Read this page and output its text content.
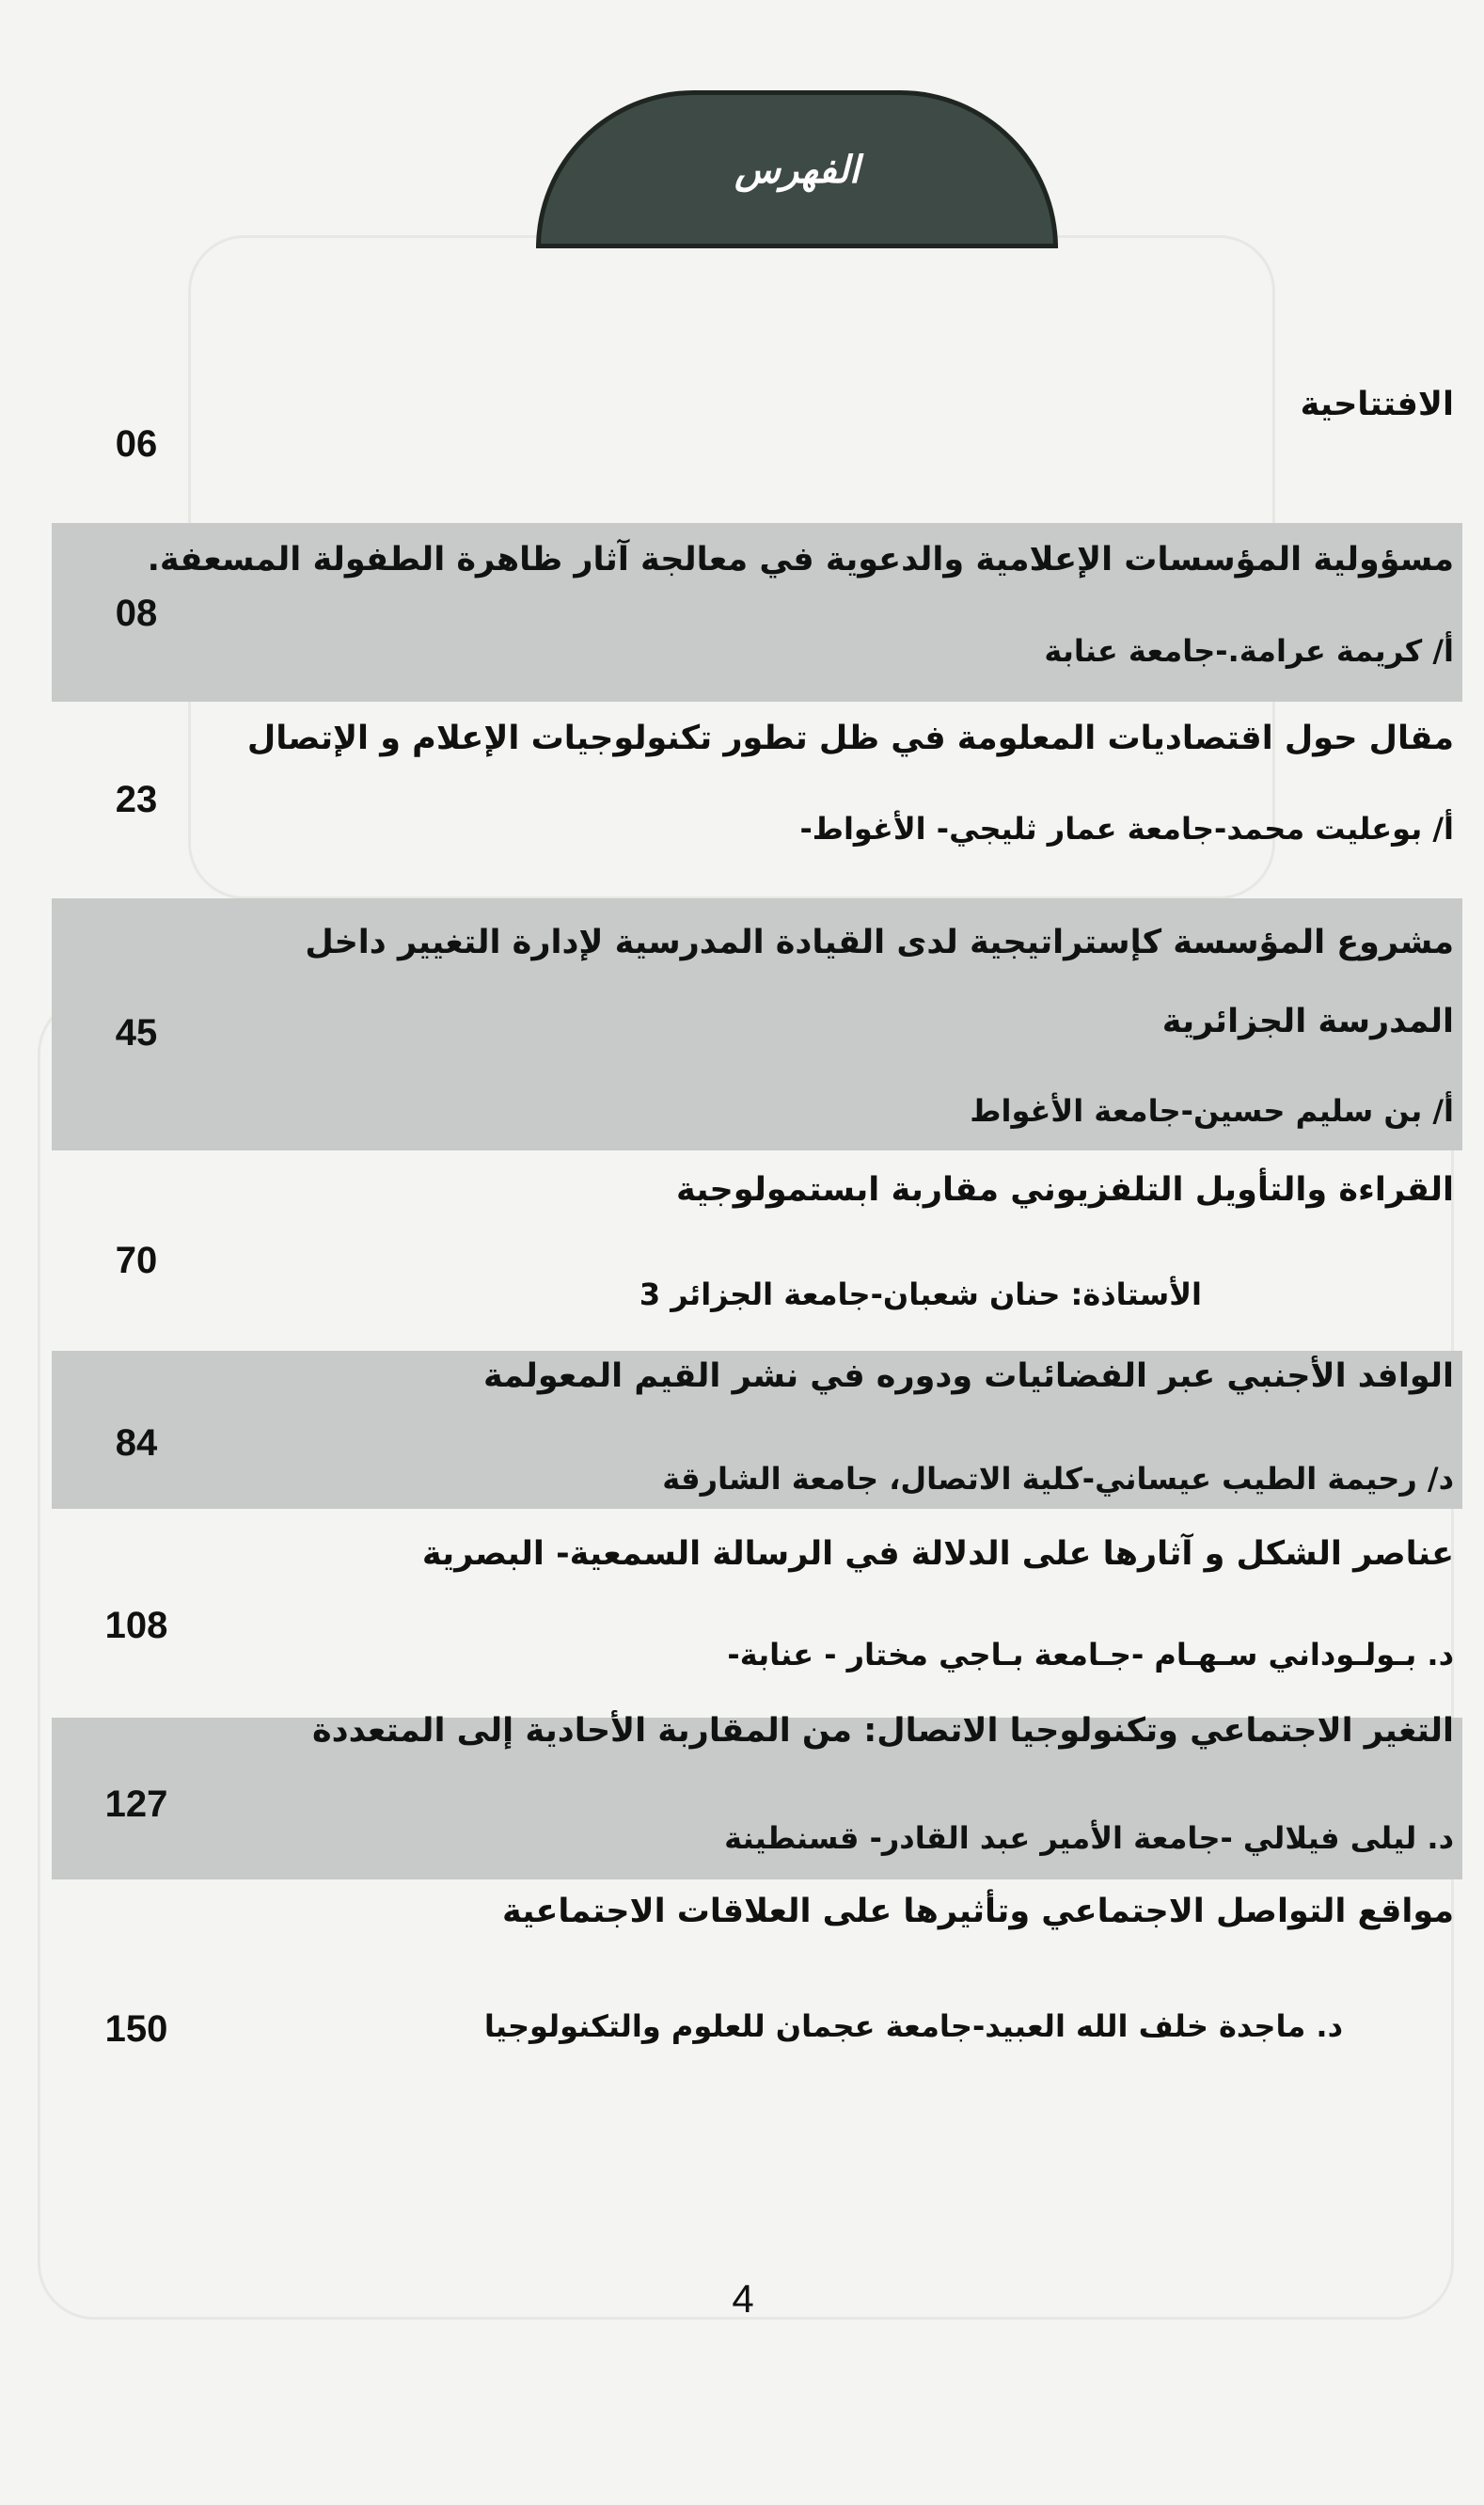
الفهرس
الافتتاحية
06
مسؤولية المؤسسات الإعلامية والدعوية في معالجة آثار ظاهرة الطفولة المسعفة.
أ/ كريمة عرامة.-جامعة عنابة
08
مقال حول اقتصاديات المعلومة في ظل تطور تكنولوجيات الإعلام و الإتصال
أ/ بوعليت محمد-جامعة عمار ثليجي- الأغواط-
23
مشروع المؤسسة كإستراتيجية لدى القيادة المدرسية لإدارة التغيير داخل المدرسة الجزائرية
أ/ بن سليم حسين-جامعة الأغواط
45
القراءة والتأويل التلفزيوني مقاربة ابستمولوجية
الأستاذة: حنان شعبان-جامعة الجزائر 3
70
الوافد الأجنبي عبر الفضائيات ودوره في نشر القيم المعولمة
د/ رحيمة الطيب عيساني-كلية الاتصال، جامعة الشارقة
84
عناصر الشكل و آثارها على الدلالة في الرسالة السمعية- البصرية
د. بـولـوداني سـهـام -جـامعة بـاجي مختار - عنابة-
108
التغير الاجتماعي وتكنولوجيا الاتصال: من المقاربة الأحادية إلى المتعددة
د. ليلى فيلالي -جامعة الأمير عبد القادر- قسنطينة
127
مواقع التواصل الاجتماعي وتأثيرها على العلاقات الاجتماعية
د. ماجدة خلف الله العبيد-جامعة عجمان للعلوم والتكنولوجيا
150
4
